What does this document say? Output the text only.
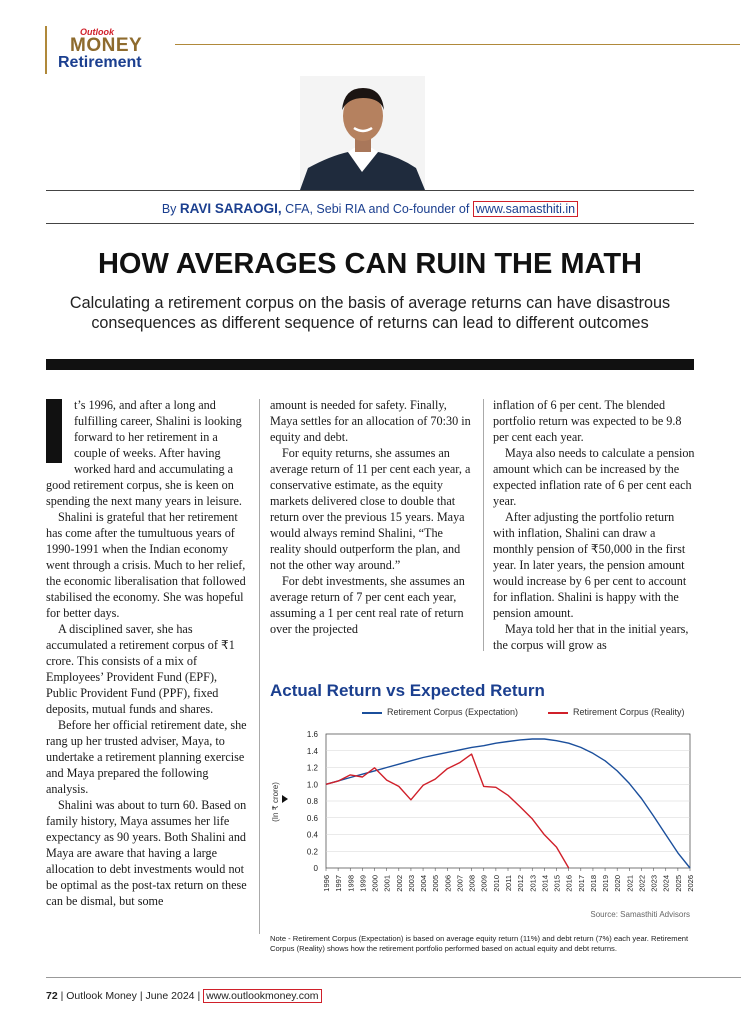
Outlook
MONEY
Retirement
By RAVI SARAOGI, CFA, Sebi RIA and Co-founder of www.samasthiti.in
HOW AVERAGES CAN RUIN THE MATH
Calculating a retirement corpus on the basis of average returns can have disastrous consequences as different sequence of returns can lead to different outcomes

t’s 1996, and after a long and fulfilling career, Shalini is looking forward to her retirement in a couple of weeks. After having worked hard and accumulating a good retirement corpus, she is keen on spending the next many years in leisure.

Shalini is grateful that her retirement has come after the tumultuous years of 1990-1991 when the Indian economy went through a crisis. Much to her relief, the economic liberalisation that followed stabilised the economy. She was hopeful for better days.

A disciplined saver, she has accumulated a retirement corpus of ₹1 crore. This consists of a mix of Employees’ Provident Fund (EPF), Public Provident Fund (PPF), fixed deposits, mutual funds and shares.

Before her official retirement date, she rang up her trusted adviser, Maya, to undertake a retirement planning exercise and Maya prepared the following analysis.

Shalini was about to turn 60. Based on family history, Maya assumes her life expectancy as 90 years. Both Shalini and Maya are aware that having a large allocation to debt investments would not be optimal as the post-tax return on these can be dismal, but some

amount is needed for safety. Finally, Maya settles for an allocation of 70:30 in equity and debt.

For equity returns, she assumes an average return of 11 per cent each year, a conservative estimate, as the equity markets delivered close to double that return over the previous 15 years. Maya would always remind Shalini, “The reality should outperform the plan, and not the other way around.”

For debt investments, she assumes an average return of 7 per cent each year, assuming a 1 per cent real rate of return over the projected

inflation of 6 per cent. The blended portfolio return was expected to be 9.8 per cent each year.

Maya also needs to calculate a pension amount which can be increased by the expected inflation rate of 6 per cent each year.

After adjusting the portfolio return with inflation, Shalini can draw a monthly pension of ₹50,000 in the first year. In later years, the pension amount would increase by 6 per cent to account for inflation. Shalini is happy with the pension amount.

Maya told her that in the initial years, the corpus will grow as

Actual Return vs Expected Return
Retirement Corpus (Expectation)	Retirement Corpus (Reality)
(In ₹ crore)
0
0.2
0.4
0.6
0.8
1.0
1.2
1.4
1.6
1996 1997 1998 1999 2000 2001 2002 2003 2004 2005 2006 2007 2008 2009 2010 2011 2012 2013 2014 2015 2016 2017 2018 2019 2020 2021 2022 2023 2024 2025 2026
Source: Samasthiti Advisors
Note - Retirement Corpus (Expectation) is based on average equity return (11%) and debt return (7%) each year. Retirement Corpus (Reality) shows how the retirement portfolio performed based on actual equity and debt returns.
72 | Outlook Money | June 2024 | www.outlookmoney.com
